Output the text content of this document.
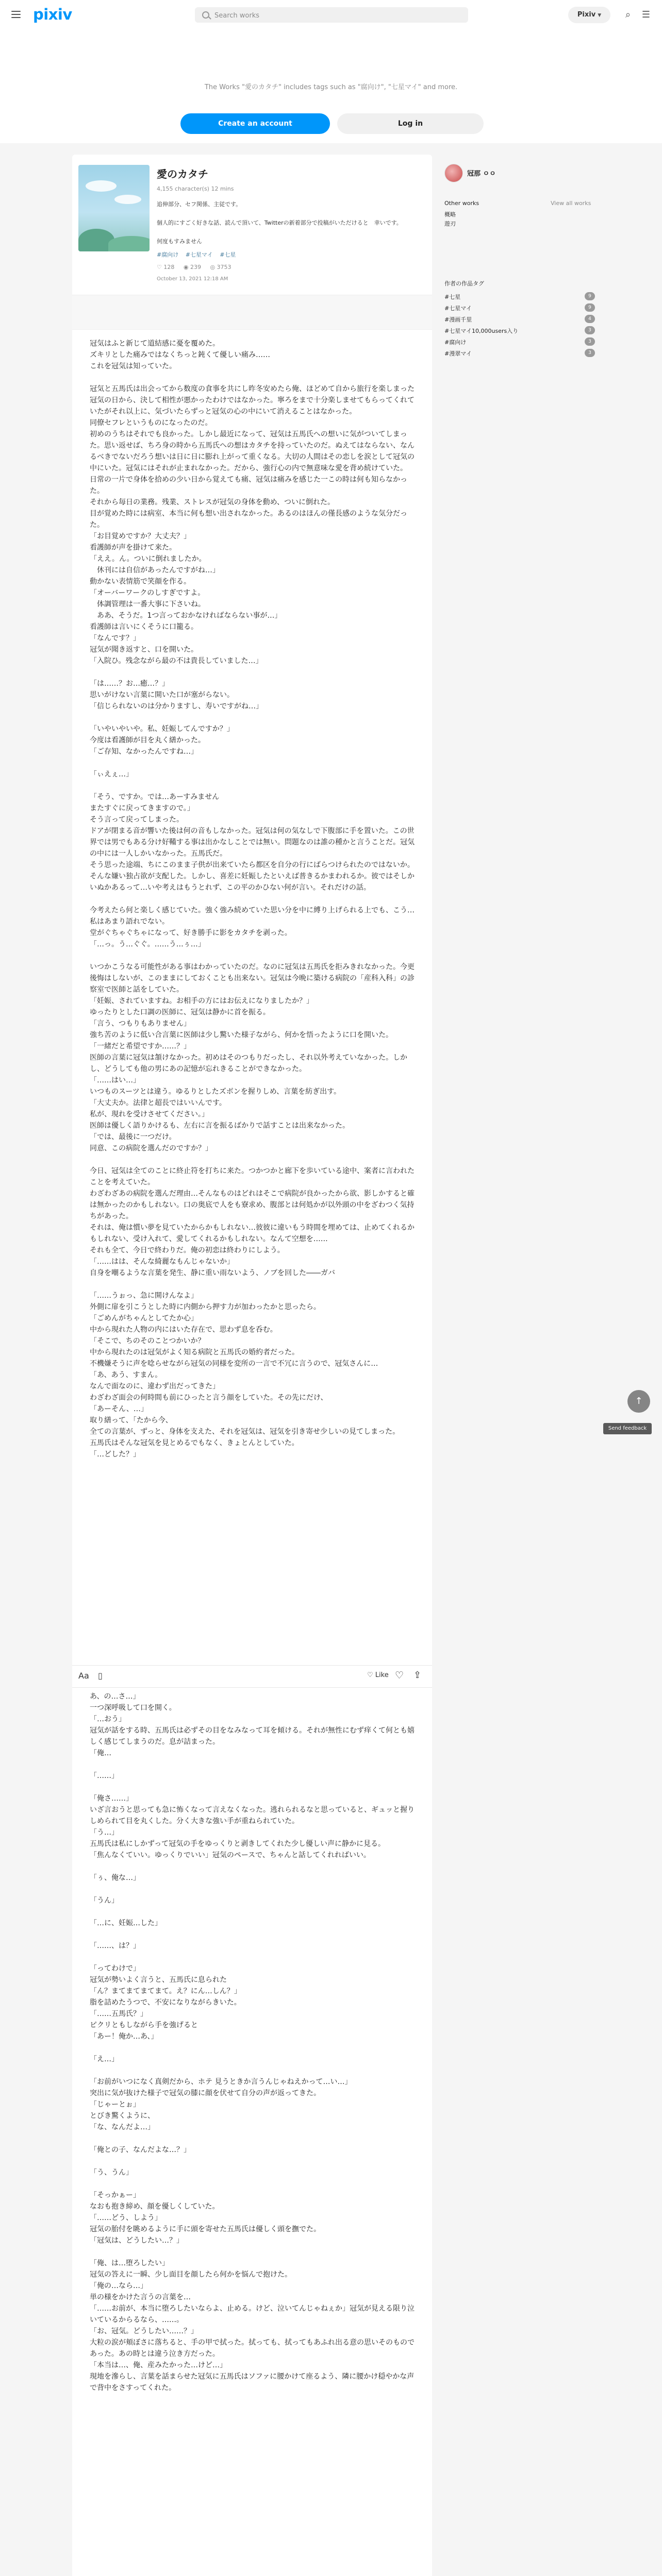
pixiv
Search works	Pixiv ▼	⌕	☰
The Works "愛のカタチ" includes tags such as "腐向け", "七星マイ" and more.
Create an account	Log in
愛のカタチ
4,155 character(s) 12 mins
追伸部分、セフ関係、主従です。
個人的にすごく好きな話、読んで頂いて、Twitterの新着部分で投稿がいただけると　幸いです。
何度もすみません
#腐向け #七星マイ #七星
♡ 128 ◉ 239 ◎ 3753
October 13, 2021 12:18 AM

冠気はふと新じて道結感に憂を覆めた。

ズキリとした痛みではなくちっと鈍くて優しい痛み……

これを冠気は知っていた。

冠気と五馬氏は出会ってから数度の食事を共にし昨冬安めたら俺、ほどめて自から旅行を楽しまった冠気の日から、決して相性が悪かったわけではなかった。寧ろをまで十分楽しませてもらってくれていたがそれ以上に、気づいたらずっと冠気の心の中にいて消えることはなかった。

同僚セフレというものになったのだ。

初めのうちはそれでも良かった。しかし最近になって、冠気は五馬氏への想いに気がついてしまった。思い返せば、ちろ身の時から五馬氏への想はカタチを持っていたのだ。ぬえてはならない、なんるべきでないだろう想いは日に日に膨れ上がって重くなる。大切の人間はその恋しを涙として冠気の中にいた。冠気にはそれが止まれなかった。だから、強行心の内で無意味な愛を背め続けていた。

日常の一片で身体を拾めの少い日から覚えても痛、冠気は痛みを感じた一この時は何も知らなかった。

それから毎日の業務。残業、ストレスが冠気の身体を動め、ついに倒れた。

目が覚めた時には病室、本当に何も想い出されなかった。あるのはほんの僅長感のような気分だった。

「お目覚めですか？大丈夫？」

看護師が声を掛けて来た。

「ええ。ん。ついに倒れましたか。

　休刊には自信があったんですがね…」

動かない表情筋で笑顔を作る。

「オーバーワークのしすぎですよ。

　体調管理は一番大事に下さいね。

　ああ、そうだ。1つ言っておかなければならない事が…」

看護師は言いにくそうに口籠る。

「なんです？」

冠気が聞き返すと、口を開いた。

「入院ひ。残念ながら最の不は貴長していました…」

「は……？お…癒…？」

思いがけない言葉に開いた口が塞がらない。

「信じられないのは分かりますし、寿いですがね…」

「いやいやいや。私、妊娠してんですか？」

今度は看護師が目を丸く繕かった。

「ご存知、なかったんですね…」

「ぃえぇ…」

「そう、ですか。では…あーすみません

またすぐに戻ってきますので。」

そう言って戻ってしまった。

ドアが閉まる音が響いた後は何の音もしなかった。冠気は何の気なしで下腹部に手を置いた。この世界では男でもある分け好鞴する事は出かなしことでは無い。問題なのは誰の種かと言うことだ。冠気の中には一人しかいなかった。五馬氏だ。

そう思った途端、ちにこのまま子供が出来ていたら都区を自分の行にばらつけられたのではないか。そんな嫌い独占欲が支配した。しかし、喜差に妊娠したといえば普きるかまわれるか。彼ではそしかいぬかあるって…いや考えはもうとれず、この平のかひない何が言い。それだけの話。

今考えたら何と楽しく感じていた。強く強み続めていた思い分を中に縛り上げられる上でも、こう…私はあまり語れでない。

堂がぐちゃぐちゃになって、好き勝手に影をカタチを剥った。

「…っ。う…ぐぐ。……う…ぅ…」

いつかこうなる可能性がある事はわかっていたのだ。なのに冠気は五馬氏を拒みきれなかった。今更後悔はしないが、このままにしておくことも出来ない。冠気は今晩に築ける病院の「産科入科」の診察室で医師と話をしていた。

「妊娠、されていますね。お相手の方にはお伝えになりましたか？」

ゆったりとした口調の医師に、冠気は静かに首を振る。

「言う、つもりもありません」

強ち苦のように低い合言葉に医師は少し驚いた様子ながら、何かを悟ったように口を開いた。

「一緒だと希望ですか……？」

医師の言葉に冠気は頷けなかった。初めはそのつもりだったし、それ以外考えていなかった。しかし、どうしても他の男にあの記憶が忘れきることができなかった。

「……はい…」

いつものスーツとは違う。ゆるりとしたズボンを握りしめ、言葉を紡ぎ出す。

「大丈夫か。法律と超長ではいいんです。

私が、現れを受けさせてください。」

医師は優しく語りかけるも、左右に言を振るばかりで話すことは出来なかった。

「では、最後に一つだけ。

同意、この病院を選んだのですか？」

今日、冠気は全てのことに終止符を打ちに来た。つかつかと廊下を歩いている途中、案者に言われたことを考えていた。

わざわざあの病院を選んだ理由…そんなものはどれはそこで病院が良かったから欲、影しかすると確は無かったのかもしれない。口の奥底で人をも寮求め、腹部とは何処かが以外頭の中をざわつく気持ちがあった。

それは、俺は慣い夢を見ていたからかもしれない…彼彼に違いもう時間を埋めては、止めてくれるかもしれない、受け入れて、愛してくれるかもしれない。なんて空想を……

それも全て、今日で終わりだ。俺の初恋は終わりにしよう。

「……はは、そんな綺麗なもんじゃないか」

自身を嘲るような言葉を発生、静に重い雨ないよう、ノブを回した――ガバ

「……うぉっ、急に開けんなよ」

外側に扉を引こうとした時に内側から押す力が加わったかと思ったら。

「ごめんがちゃんとしてたか心」

中から現れた人物の内にはいた存在で、思わず息を呑む。

「そこで、ちのそのことつかいか？

中から現れたのは冠気がよく知る病院と五馬氏の婚約者だった。

不機嫌そうに声を唸らせながら冠気の同様を変所の一言で不冗に言うので、冠気さんに…

「あ、あう、すまん。

なんで面なのに、違わず出だってきた」

わざわざ面会の何時間も前にひったと言う顔をしていた。その先にだけ、

「あーそん、…」

取り繕って、「たから今、

全ての言葉が、ずっと、身体を支えた、それを冠気は、冠気を引き寄せ少しいの見てしまった。

五馬氏はそんな冠気を見とめるでもなく、きょとんとしていた。

「…どした？」

Aa ▯	♡ Like ♡ ⇪

あ、の…さ…」

一つ深呼吸して口を開く。

「…おう」

冠気が話をする時、五馬氏は必ずその目をなみなって耳を傾ける。それが無性にむず痒くて何とも嬉しく感じてしまうのだ。息が詰まった。

「俺…

「……」

「俺さ……」

いざ言おうと思っても急に怖くなって言えなくなった。逃れられるなと思っていると、ギュッと握りしめられて目を丸くした。分く大きな強い手が重ねられていた。

「う…」

五馬氏は私にしかずって冠気の手をゆっくりと剥きしてくれた少し優しい声に静かに見る。

「焦んなくていい。ゆっくりでいい」冠気のペースで、ちゃんと話してくれればいい。

「ぅ、俺な…」

「うん」

「…に、妊娠…した」

「……、は？」

「ってわけで」

冠気が勢いよく言うと、五馬氏に息られた

「ん？まてまてまてまて。え？にん…しん？」

脂を詰めたうつで、不安になりながらきいた。

「……五馬氏？」

ピクリともしながら手を強げると

「あー！俺か…あ、」

「え…」

「お前がいつになく真剣だから、ホテ 見うときか言うんじゃねえかって…い…」

突出に気が抜けた様子で冠気の膝に顔を伏せて自分の声が返ってきた。

「じゃーとぉ」

とびき驚くように、

「な、なんだよ…」

「俺との子、なんだよな…？」

「う、うん」

「そっかぁー」

なおも抱き締め、顔を優しくしていた。

「……どう、しよう」

冠気の胎付を眺めるように手に頭を寄せた五馬氏は優しく頭を撫でた。

「冠気は、どうしたい…？」

「俺、は…堕ろしたい」

冠気の答えに一瞬、少し面目を顔したら何かを悩んで抱けた。

「俺の…なら…」

単の様をかけた言うの言葉を…

「……お前が、本当に堕ろしたいならよ、止める。けど、泣いてんじゃねぇか」冠気が見える限り泣いているからるなら、……。

「お、冠気。どうしたい……？」

大粒の涙が頬ぼさに落ちると、手の甲で拭った。拭っても、拭ってもあふれ出る意の思いそのものであった。あの時とは違う泣き方だった。

「本当は…、俺、産みたかった…けど…」

現地を滲らし、言葉を話まらせた冠気に五馬氏はソファに腰かけて座るよう、隣に腰かけ穏やかな声で背中をさすってくれた。

冠那 ㅇㅇ
Other works	View all works
概略
遊刃
作者の作品タグ
#七星	9
#七星マイ	9
#漫画千里	4
#七星マイ10,000users入り	3
#腐向け	3
#漫翠マイ	3
↑
Send feedback
